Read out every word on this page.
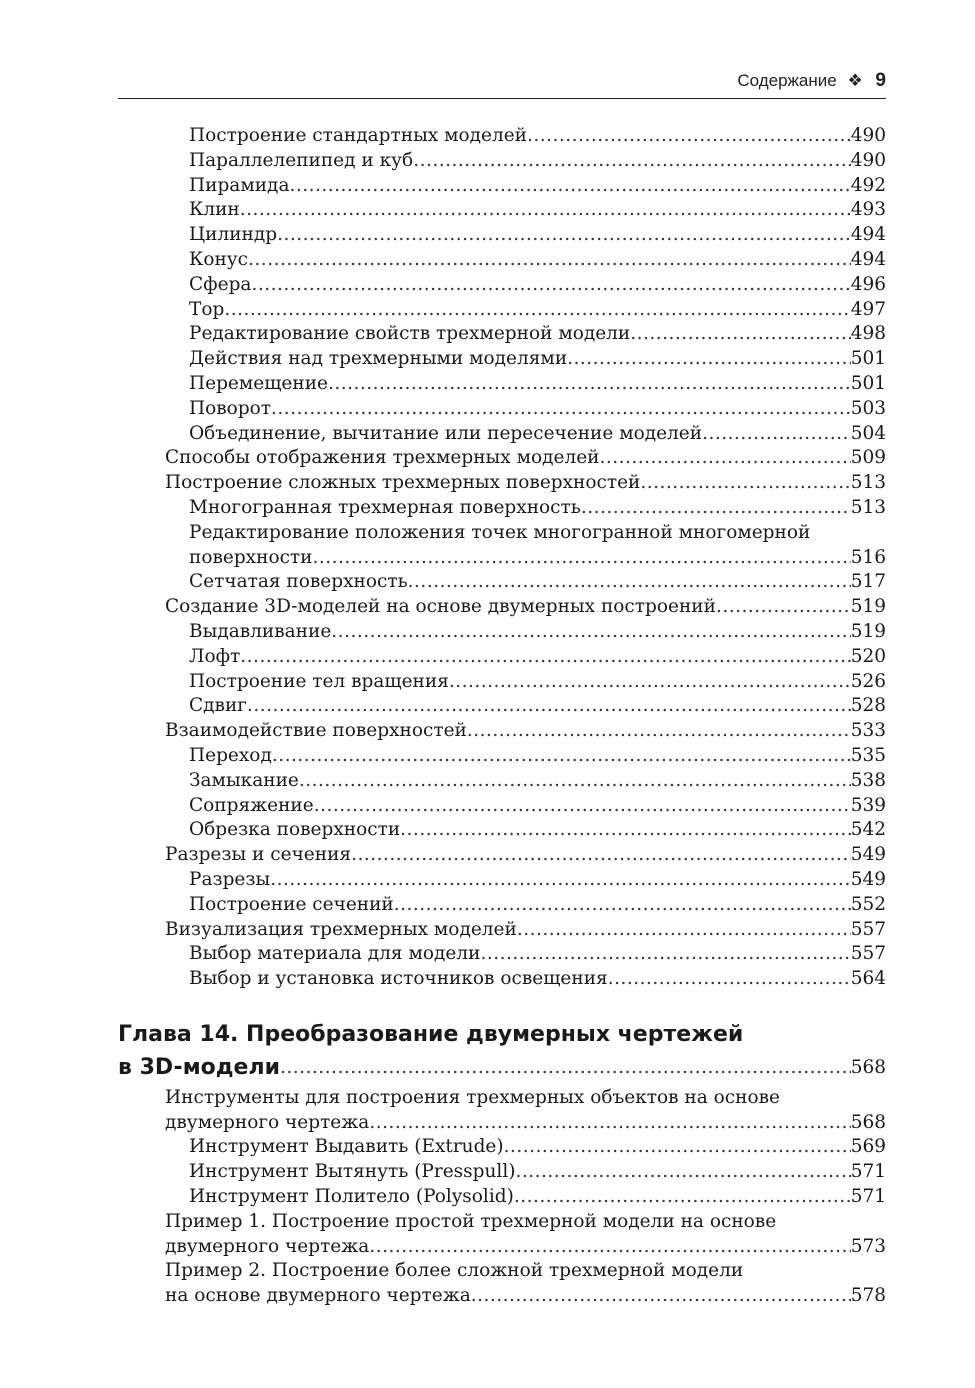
Содержание ❖ 9
Построение стандартных моделей .....	490
Параллелепипед и куб .....	490
Пирамида .....	492
Клин .....	493
Цилиндр .....	494
Конус .....	494
Сфера .....	496
Тор .....	497
Редактирование свойств трехмерной модели .....	498
Действия над трехмерными моделями .....	501
Перемещение .....	501
Поворот .....	503
Объединение, вычитание или пересечение моделей .....	504
Способы отображения трехмерных моделей .....	509
Построение сложных трехмерных поверхностей .....	513
Многогранная трехмерная поверхность .....	513
Редактирование положения точек многогранной многомерной
поверхности .....	516
Сетчатая поверхность .....	517
Создание 3D-моделей на основе двумерных построений .....	519
Выдавливание .....	519
Лофт .....	520
Построение тел вращения .....	526
Сдвиг .....	528
Взаимодействие поверхностей .....	533
Переход .....	535
Замыкание .....	538
Сопряжение .....	539
Обрезка поверхности .....	542
Разрезы и сечения .....	549
Разрезы .....	549
Построение сечений .....	552
Визуализация трехмерных моделей .....	557
Выбор материала для модели .....	557
Выбор и установка источников освещения .....	564
Глава 14. Преобразование двумерных чертежей
в 3D-модели .....	568
Инструменты для построения трехмерных объектов на основе
двумерного чертежа .....	568
Инструмент Выдавить (Extrude) .....	569
Инструмент Вытянуть (Presspull) .....	571
Инструмент Политело (Polysolid) .....	571
Пример 1. Построение простой трехмерной модели на основе
двумерного чертежа .....	573
Пример 2. Построение более сложной трехмерной модели
на основе двумерного чертежа .....	578
